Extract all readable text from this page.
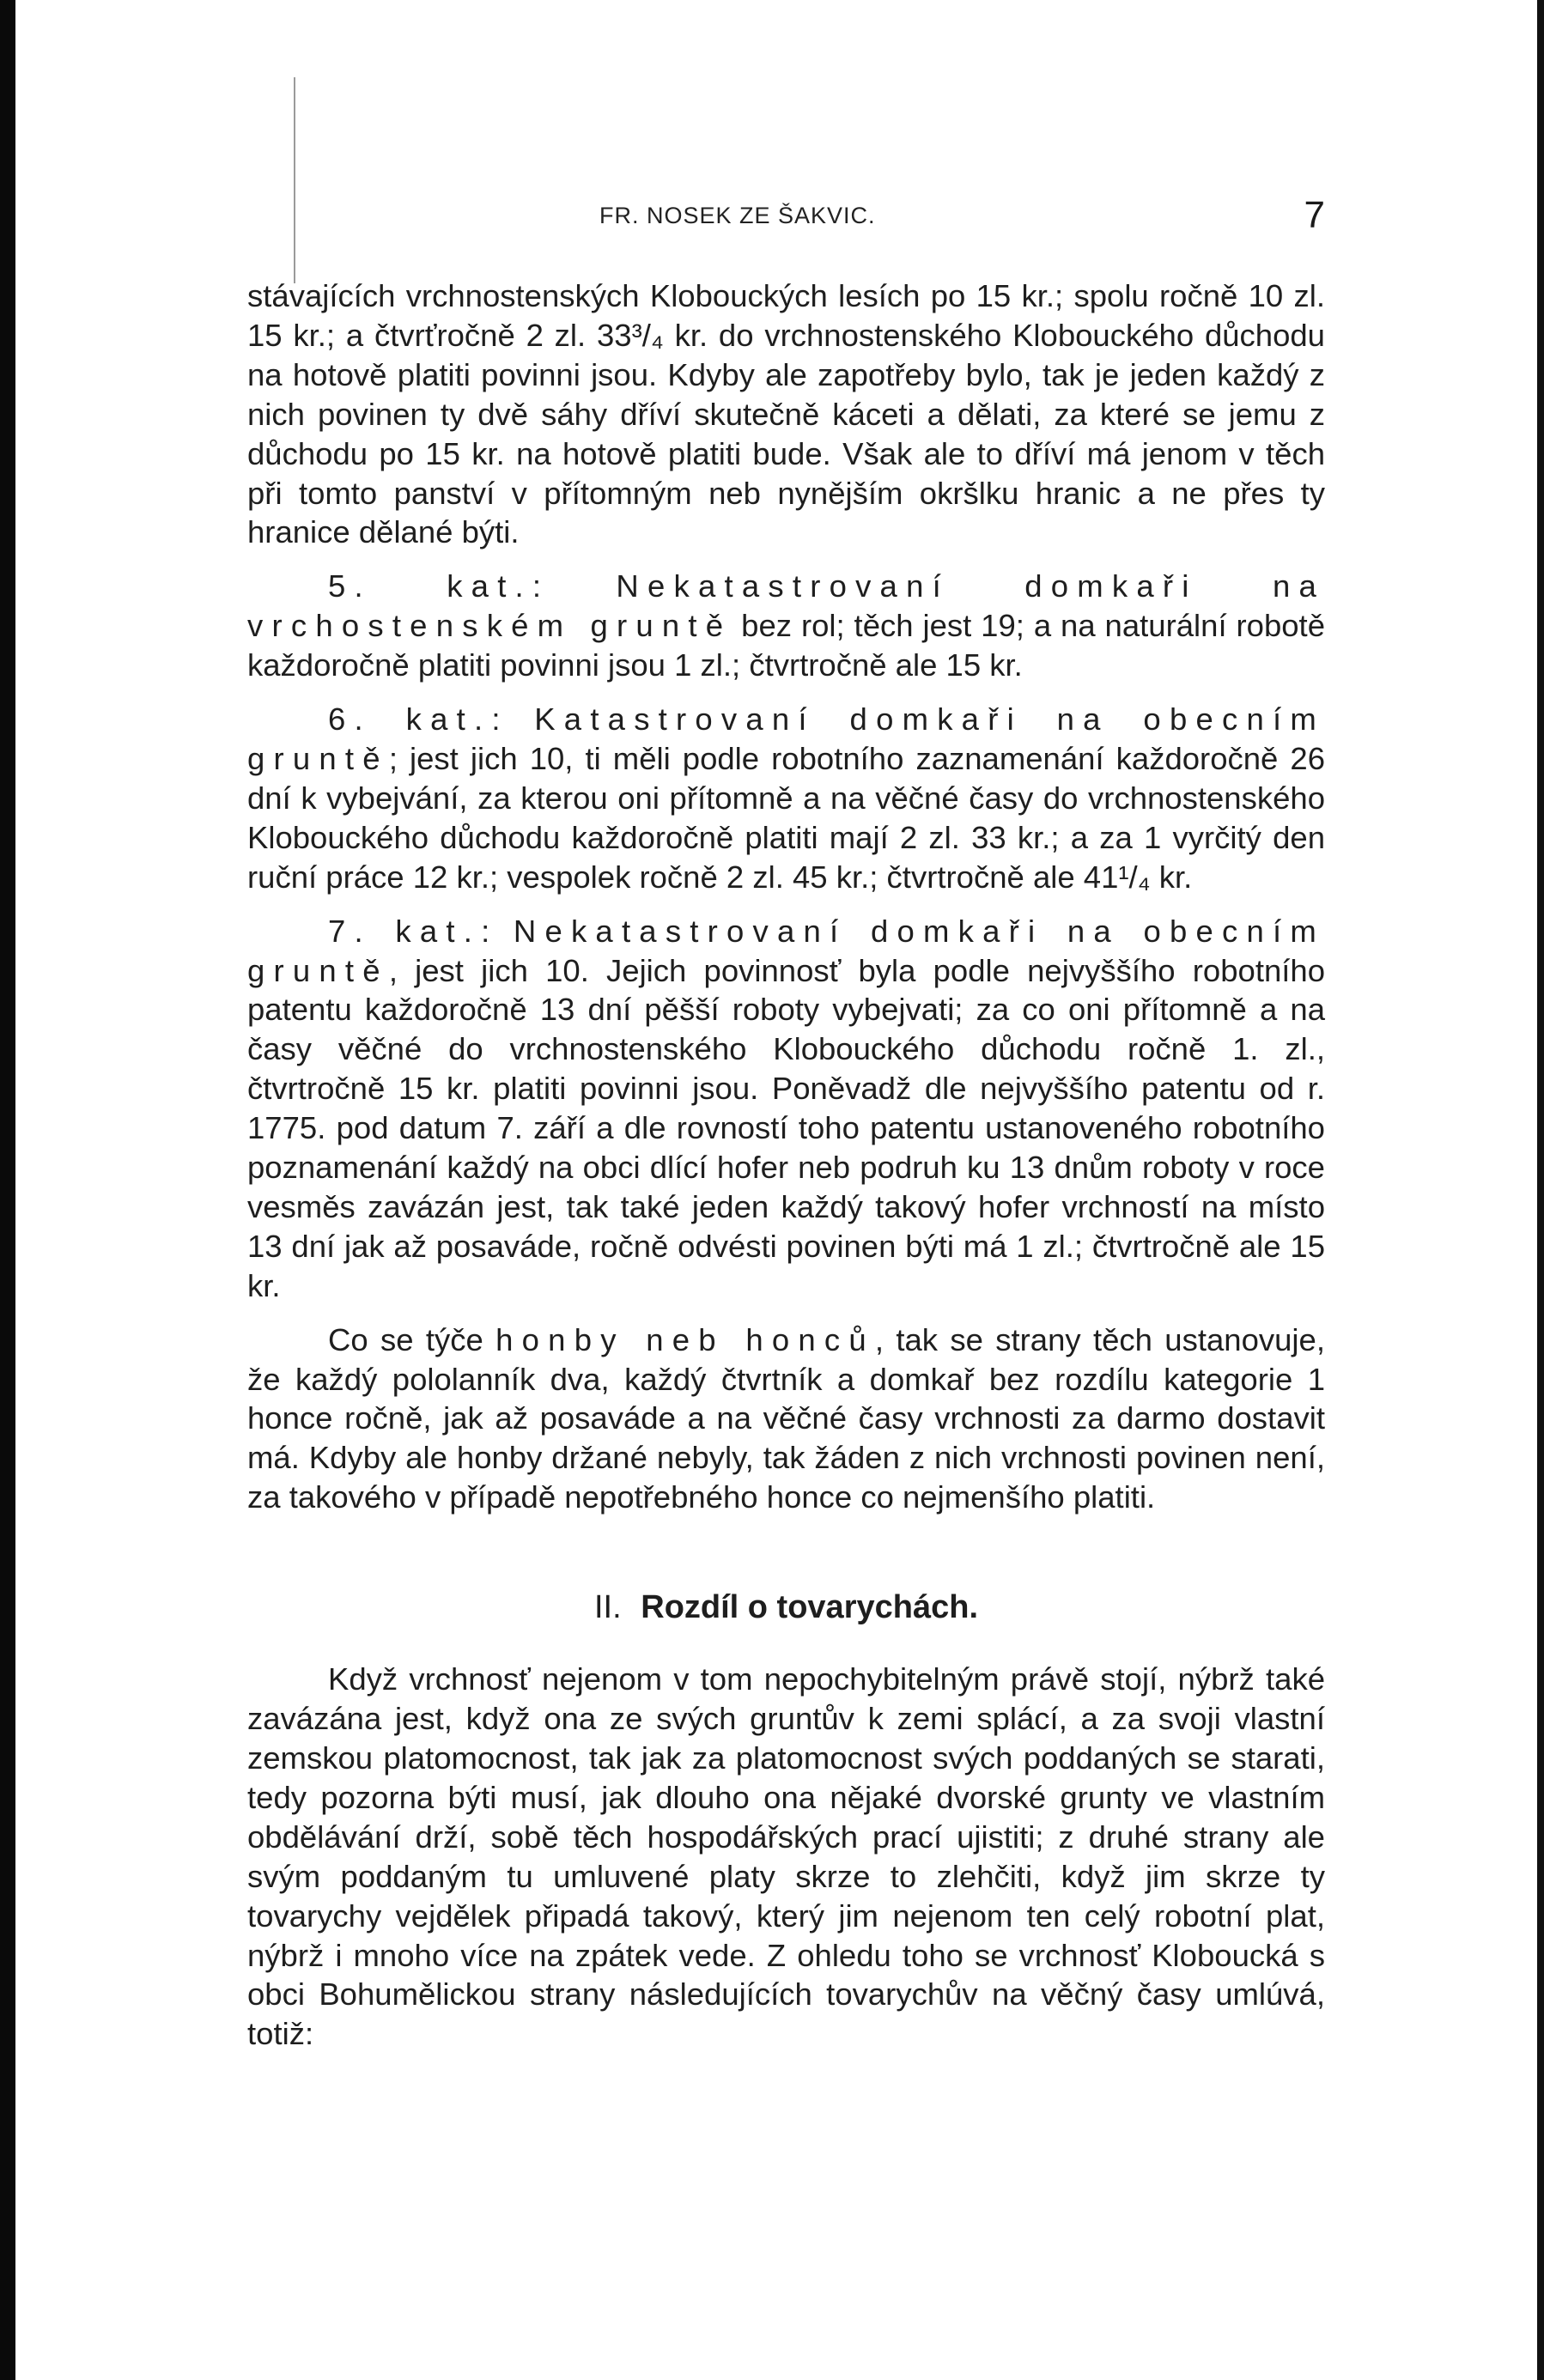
FR. NOSEK ZE ŠAKVIC.	7

stávajících vrchnostenských Klobouckých lesích po 15 kr.; spolu ročně 10 zl. 15 kr.; a čtvrťročně 2 zl. 33³/₄ kr. do vrchnostenského Klobouckého důchodu na hotově platiti povinni jsou. Kdyby ale zapotřeby bylo, tak je jeden každý z nich povinen ty dvě sáhy dříví skutečně káceti a dělati, za které se jemu z důchodu po 15 kr. na hotově platiti bude. Však ale to dříví má jenom v těch při tomto panství v přítomným neb nynějším okršlku hranic a ne přes ty hranice dělané býti.

5. kat.: Nekatastrovaní domkaři na vrchostenském gruntě bez rol; těch jest 19; a na naturální robotě každoročně platiti povinni jsou 1 zl.; čtvrtročně ale 15 kr.

6. kat.: Katastrovaní domkaři na obecním gruntě; jest jich 10, ti měli podle robotního zaznamenání každoročně 26 dní k vybejvání, za kterou oni přítomně a na věčné časy do vrchnostenského Klobouckého důchodu každoročně platiti mají 2 zl. 33 kr.; a za 1 vyrčitý den ruční práce 12 kr.; vespolek ročně 2 zl. 45 kr.; čtvrtročně ale 41¹/₄ kr.

7. kat.: Nekatastrovaní domkaři na obecním gruntě, jest jich 10. Jejich povinnosť byla podle nejvyššího robotního patentu každoročně 13 dní pěšší roboty vybejvati; za co oni přítomně a na časy věčné do vrchnostenského Klobouckého důchodu ročně 1. zl., čtvrtročně 15 kr. platiti povinni jsou. Poněvadž dle nejvyššího patentu od r. 1775. pod datum 7. září a dle rovností toho patentu ustanoveného robotního poznamenání každý na obci dlící hofer neb podruh ku 13 dnům roboty v roce vesměs zavázán jest, tak také jeden každý takový hofer vrchností na místo 13 dní jak až posaváde, ročně odvésti povinen býti má 1 zl.; čtvrtročně ale 15 kr.

Co se týče honby neb honců, tak se strany těch ustanovuje, že každý pololanník dva, každý čtvrtník a domkař bez rozdílu kategorie 1 honce ročně, jak až posaváde a na věčné časy vrchnosti za darmo dostavit má. Kdyby ale honby držané nebyly, tak žáden z nich vrchnosti povinen není, za takového v případě nepotřebného honce co nejmenšího platiti.

II. Rozdíl o tovarychách.

Když vrchnosť nejenom v tom nepochybitelným právě stojí, nýbrž také zavázána jest, když ona ze svých gruntův k zemi splácí, a za svoji vlastní zemskou platomocnost, tak jak za platomocnost svých poddaných se starati, tedy pozorna býti musí, jak dlouho ona nějaké dvorské grunty ve vlastním obdělávání drží, sobě těch hospodářských prací ujistiti; z druhé strany ale svým poddaným tu umluvené platy skrze to zlehčiti, když jim skrze ty tovarychy vejdělek připadá takový, který jim nejenom ten celý robotní plat, nýbrž i mnoho více na zpátek vede. Z ohledu toho se vrchnosť Kloboucká s obci Bohumělickou strany následujících tovarychův na věčný časy umlúvá, totiž:
